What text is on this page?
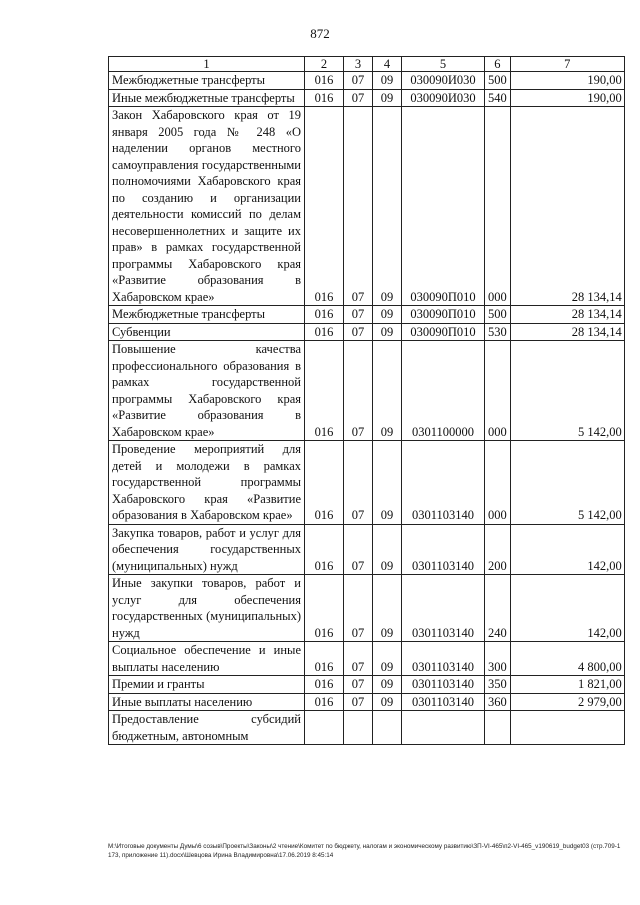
872
1	2	3	4	5	6	7

Межбюджетные трансферты	016	07	09	030090И030	500	190,00

Иные межбюджетные трансферты	016	07	09	030090И030	540	190,00

Закон Хабаровского края от 19 января 2005 года № 248 «О наделении органов местного самоуправления государственными полномочиями Хабаровского края по созданию и организации деятельности комиссий по делам несовершеннолетних и защите их прав» в рамках государственной программы Хабаровского края «Развитие образования в Хабаровском крае»	016	07	09	030090П010	000	28 134,14

Межбюджетные трансферты	016	07	09	030090П010	500	28 134,14

Субвенции	016	07	09	030090П010	530	28 134,14

Повышение качества профессионального образования в рамках государственной программы Хабаровского края «Развитие образования в Хабаровском крае»	016	07	09	0301100000	000	5 142,00

Проведение мероприятий для детей и молодежи в рамках государственной программы Хабаровского края «Развитие образования в Хабаровском крае»	016	07	09	0301103140	000	5 142,00

Закупка товаров, работ и услуг для обеспечения государственных (муниципальных) нужд	016	07	09	0301103140	200	142,00

Иные закупки товаров, работ и услуг для обеспечения государственных (муниципальных) нужд	016	07	09	0301103140	240	142,00

Социальное обеспечение и иные выплаты населению	016	07	09	0301103140	300	4 800,00

Премии и гранты	016	07	09	0301103140	350	1 821,00

Иные выплаты населению	016	07	09	0301103140	360	2 979,00

Предоставление субсидий бюджетным, автономным						

М:\Итоговые документы Думы\6 созыв\Проекты\Законы\2 чтение\Комитет по бюджету, налогам и экономическому развитию\ЗП-VI-465\п2-VI-465_v190619_budget03 (стр.709-1173, приложение 11).docx\Шевцова Ирина Владимировна\17.06.2019 8:45:14
